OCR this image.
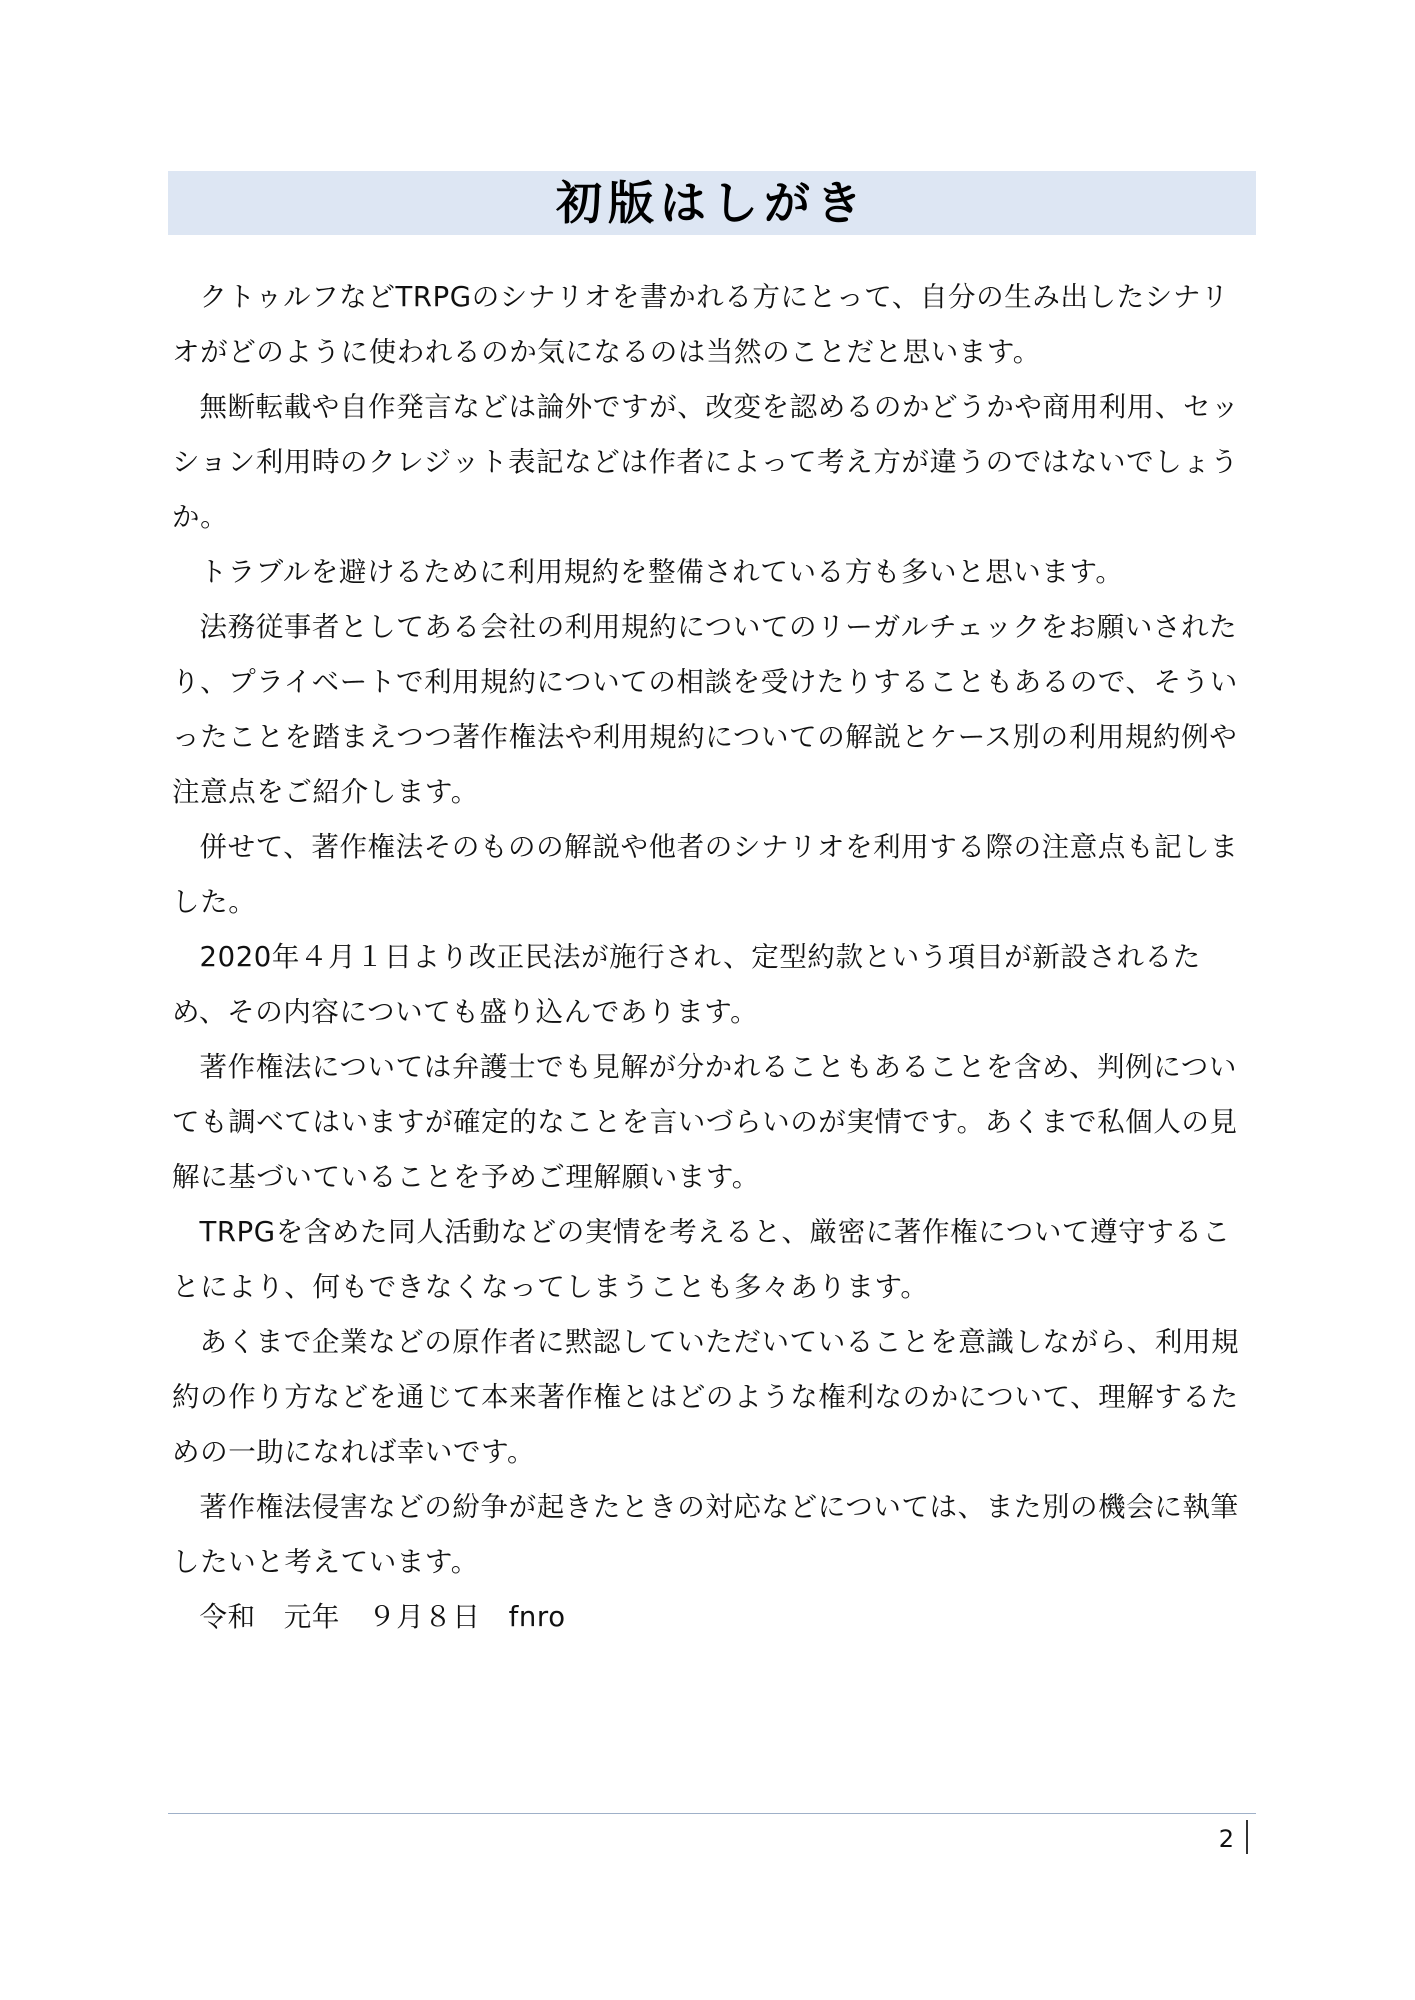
初版はしがき

クトゥルフなどTRPGのシナリオを書かれる方にとって、自分の生み出したシナリオがどのように使われるのか気になるのは当然のことだと思います。

無断転載や自作発言などは論外ですが、改変を認めるのかどうかや商用利用、セッション利用時のクレジット表記などは作者によって考え方が違うのではないでしょうか。

トラブルを避けるために利用規約を整備されている方も多いと思います。

法務従事者としてある会社の利用規約についてのリーガルチェックをお願いされたり、プライベートで利用規約についての相談を受けたりすることもあるので、そういったことを踏まえつつ著作権法や利用規約についての解説とケース別の利用規約例や注意点をご紹介します。

併せて、著作権法そのものの解説や他者のシナリオを利用する際の注意点も記しました。

2020年４月１日より改正民法が施行され、定型約款という項目が新設されるため、その内容についても盛り込んであります。

著作権法については弁護士でも見解が分かれることもあることを含め、判例についても調べてはいますが確定的なことを言いづらいのが実情です。あくまで私個人の見解に基づいていることを予めご理解願います。

TRPGを含めた同人活動などの実情を考えると、厳密に著作権について遵守することにより、何もできなくなってしまうことも多々あります。

あくまで企業などの原作者に黙認していただいていることを意識しながら、利用規約の作り方などを通じて本来著作権とはどのような権利なのかについて、理解するための一助になれば幸いです。

著作権法侵害などの紛争が起きたときの対応などについては、また別の機会に執筆したいと考えています。

令和　元年　９月８日　fnro

2
